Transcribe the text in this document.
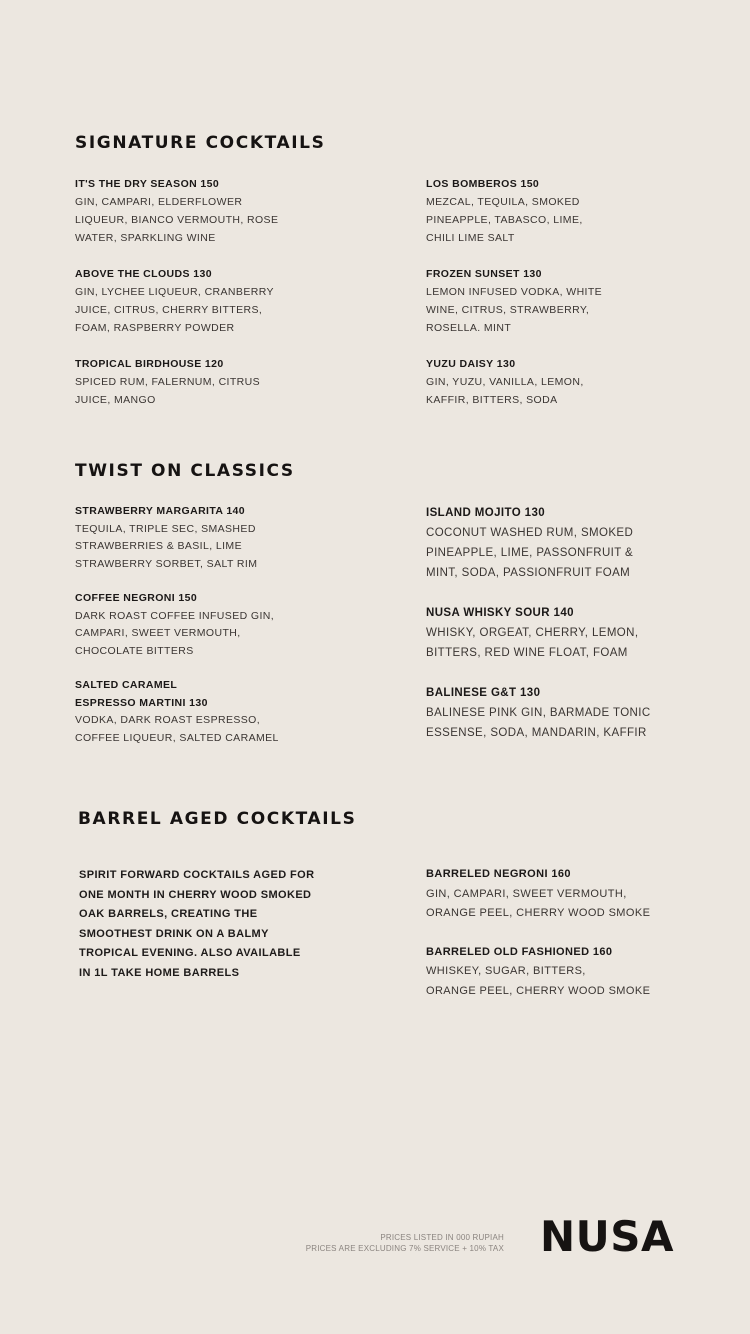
SIGNATURE COCKTAILS
IT'S THE DRY SEASON 150
GIN, CAMPARI, ELDERFLOWER
LIQUEUR, BIANCO VERMOUTH, ROSE
WATER, SPARKLING WINE
ABOVE THE CLOUDS 130
GIN, LYCHEE LIQUEUR, CRANBERRY
JUICE, CITRUS, CHERRY BITTERS,
FOAM, RASPBERRY POWDER
TROPICAL BIRDHOUSE 120
SPICED RUM, FALERNUM, CITRUS
JUICE, MANGO
LOS BOMBEROS 150
MEZCAL, TEQUILA, SMOKED
PINEAPPLE, TABASCO, LIME,
CHILI LIME SALT
FROZEN SUNSET 130
LEMON INFUSED VODKA, WHITE
WINE, CITRUS, STRAWBERRY,
ROSELLA. MINT
YUZU DAISY 130
GIN, YUZU, VANILLA, LEMON,
KAFFIR, BITTERS, SODA
TWIST ON CLASSICS
STRAWBERRY MARGARITA 140
TEQUILA, TRIPLE SEC, SMASHED
STRAWBERRIES & BASIL, LIME
STRAWBERRY SORBET, SALT RIM
COFFEE NEGRONI 150
DARK ROAST COFFEE INFUSED GIN,
CAMPARI, SWEET VERMOUTH,
CHOCOLATE BITTERS
SALTED CARAMEL
ESPRESSO MARTINI 130
VODKA, DARK ROAST ESPRESSO,
COFFEE LIQUEUR, SALTED CARAMEL
ISLAND MOJITO 130
COCONUT WASHED RUM, SMOKED
PINEAPPLE, LIME, PASSONFRUIT &
MINT, SODA, PASSIONFRUIT FOAM
NUSA WHISKY SOUR 140
WHISKY, ORGEAT, CHERRY, LEMON,
BITTERS, RED WINE FLOAT, FOAM
BALINESE G&T 130
BALINESE PINK GIN, BARMADE TONIC
ESSENSE, SODA, MANDARIN, KAFFIR
BARREL AGED COCKTAILS

SPIRIT FORWARD COCKTAILS AGED FOR
ONE MONTH IN CHERRY WOOD SMOKED
OAK BARRELS, CREATING THE
SMOOTHEST DRINK ON A BALMY
TROPICAL EVENING. ALSO AVAILABLE
IN 1L TAKE HOME BARRELS

BARRELED NEGRONI 160
GIN, CAMPARI, SWEET VERMOUTH,
ORANGE PEEL, CHERRY WOOD SMOKE
BARRELED OLD FASHIONED 160
WHISKEY, SUGAR, BITTERS,
ORANGE PEEL, CHERRY WOOD SMOKE
PRICES LISTED IN 000 RUPIAH
PRICES ARE EXCLUDING 7% SERVICE + 10% TAX NUSA
